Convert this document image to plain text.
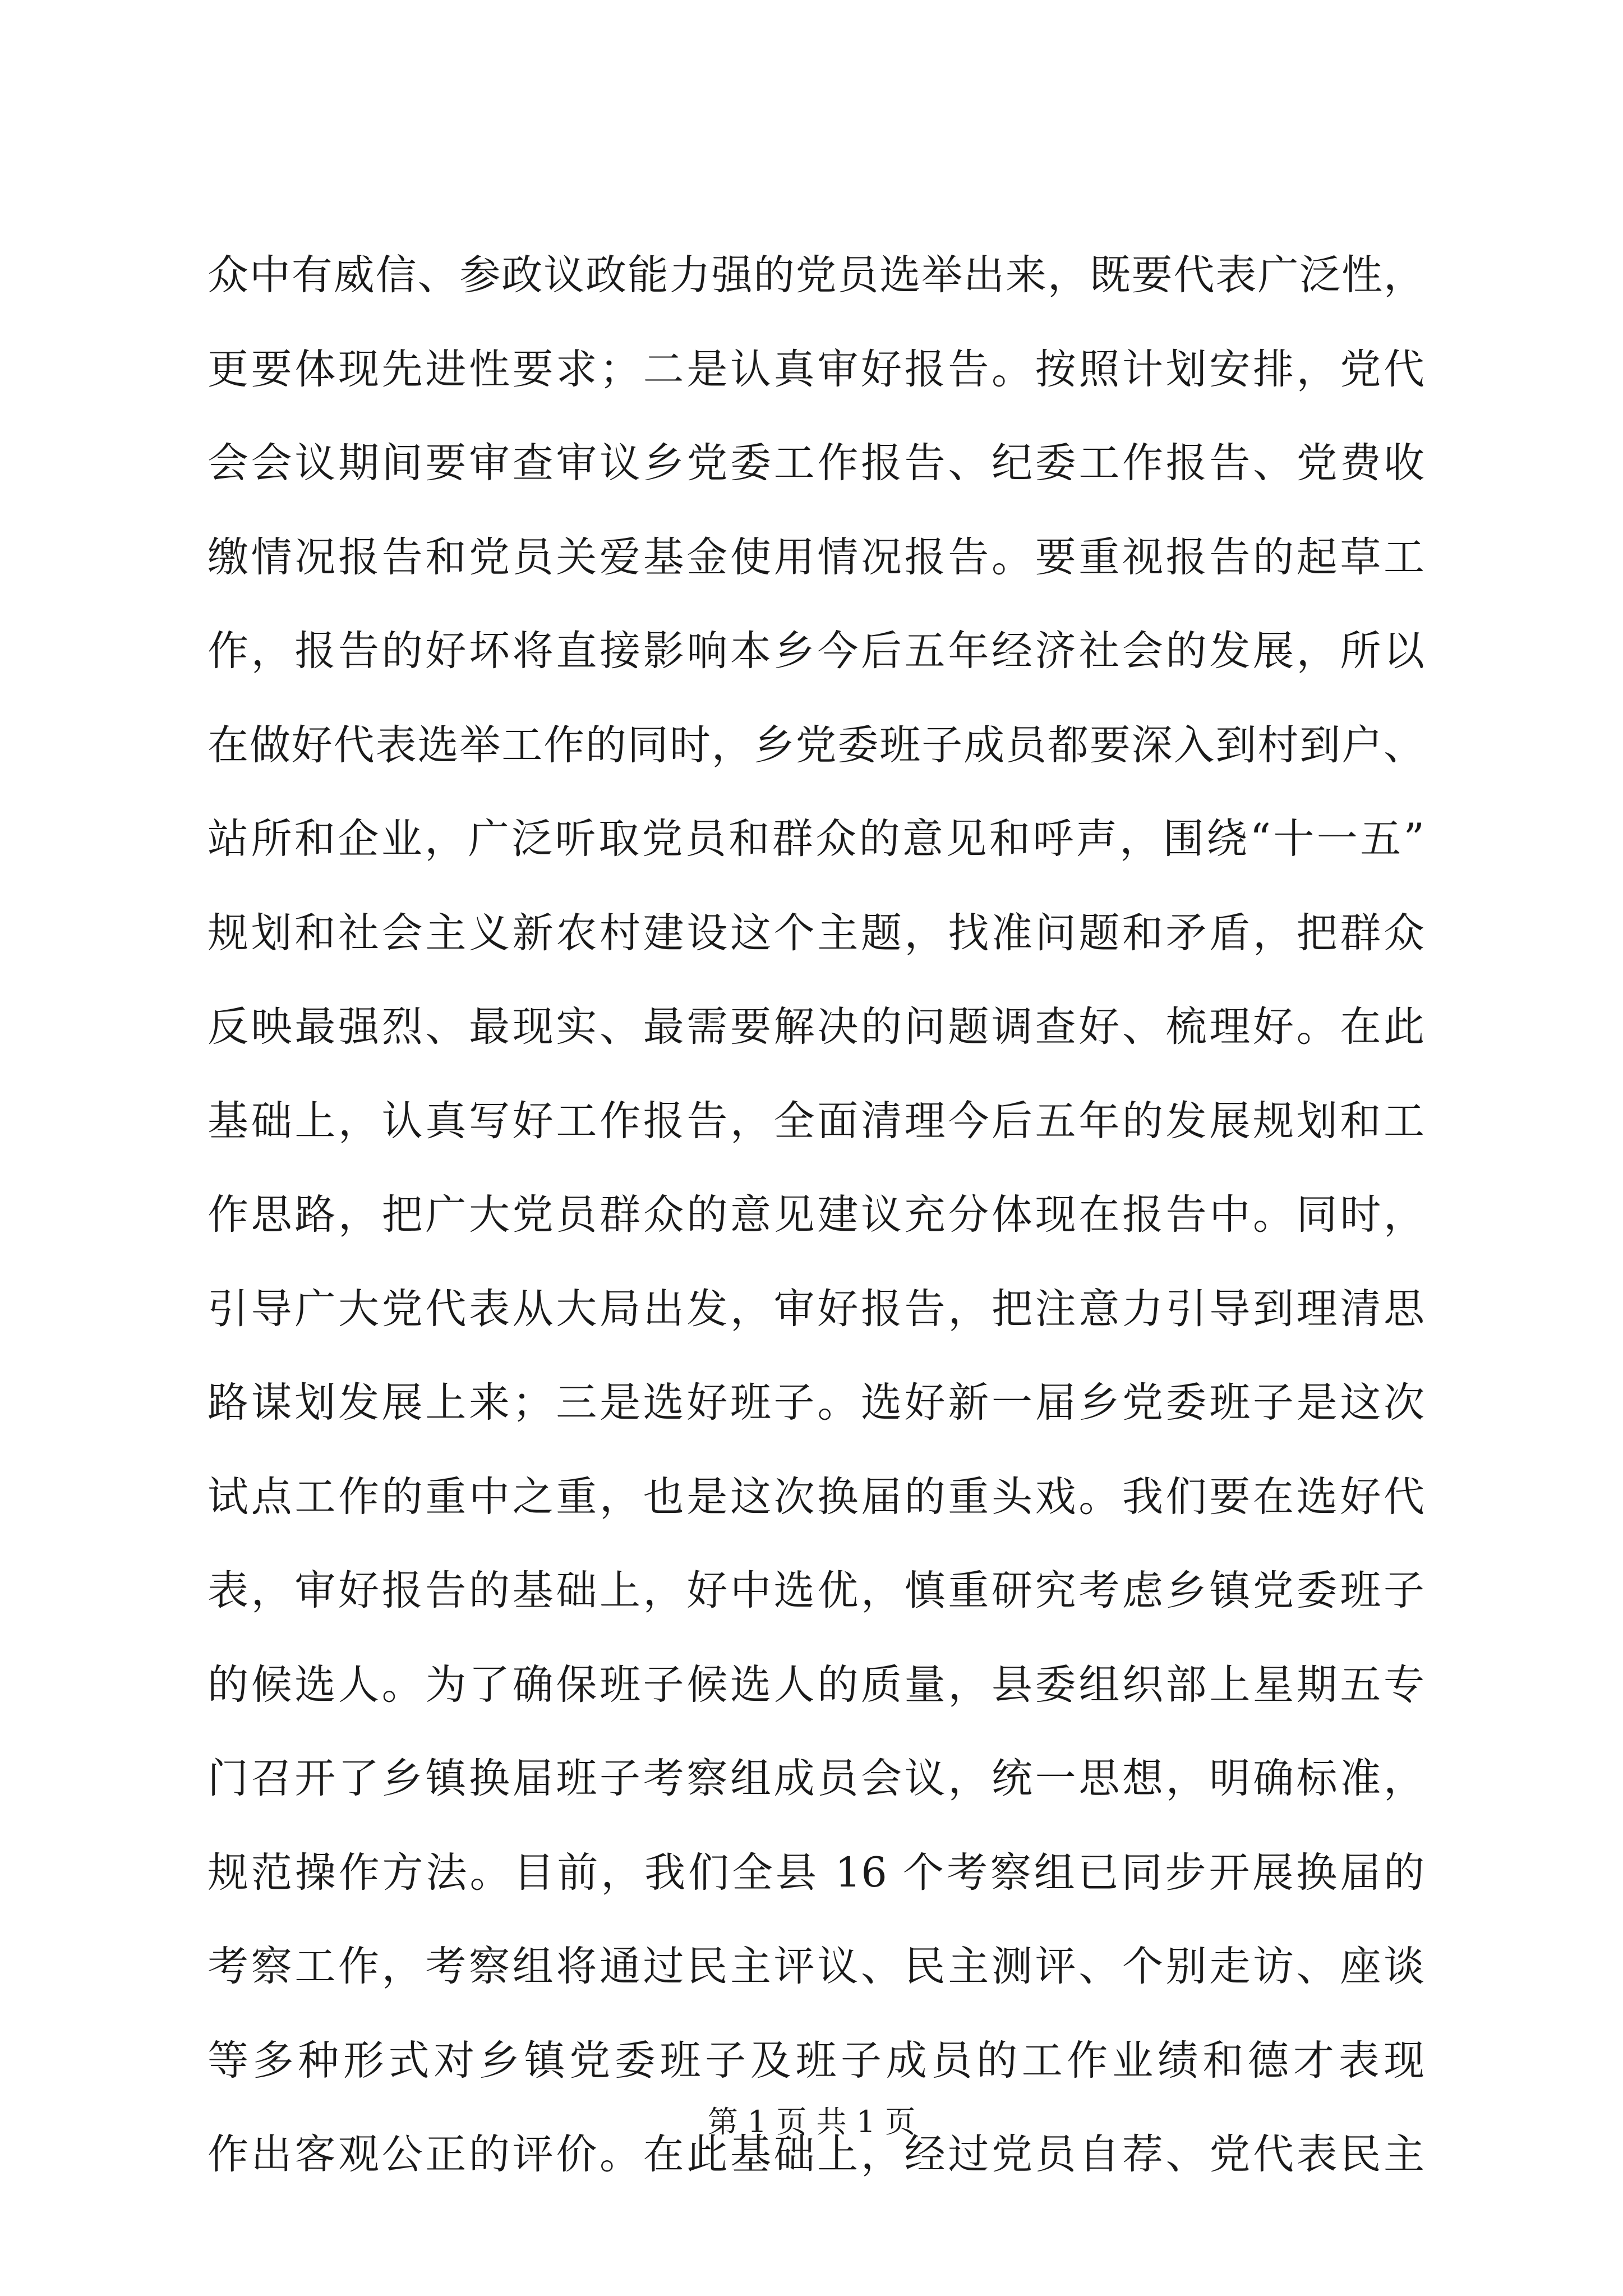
众中有威信、参政议政能力强的党员选举出来，既要代表广泛性，
更要体现先进性要求；二是认真审好报告。按照计划安排，党代
会会议期间要审查审议乡党委工作报告、纪委工作报告、党费收
缴情况报告和党员关爱基金使用情况报告。要重视报告的起草工
作，报告的好坏将直接影响本乡今后五年经济社会的发展，所以
在做好代表选举工作的同时，乡党委班子成员都要深入到村到户、
站所和企业，广泛听取党员和群众的意见和呼声，围绕“十一五”
规划和社会主义新农村建设这个主题，找准问题和矛盾，把群众
反映最强烈、最现实、最需要解决的问题调查好、梳理好。在此
基础上，认真写好工作报告，全面清理今后五年的发展规划和工
作思路，把广大党员群众的意见建议充分体现在报告中。同时，
引导广大党代表从大局出发，审好报告，把注意力引导到理清思
路谋划发展上来；三是选好班子。选好新一届乡党委班子是这次
试点工作的重中之重，也是这次换届的重头戏。我们要在选好代
表，审好报告的基础上，好中选优，慎重研究考虑乡镇党委班子
的候选人。为了确保班子候选人的质量，县委组织部上星期五专
门召开了乡镇换届班子考察组成员会议，统一思想，明确标准，
规范操作方法。目前，我们全县 16 个考察组已同步开展换届的
考察工作，考察组将通过民主评议、民主测评、个别走访、座谈
等多种形式对乡镇党委班子及班子成员的工作业绩和德才表现
作出客观公正的评价。在此基础上，经过党员自荐、党代表民主
第 1 页 共 1 页
